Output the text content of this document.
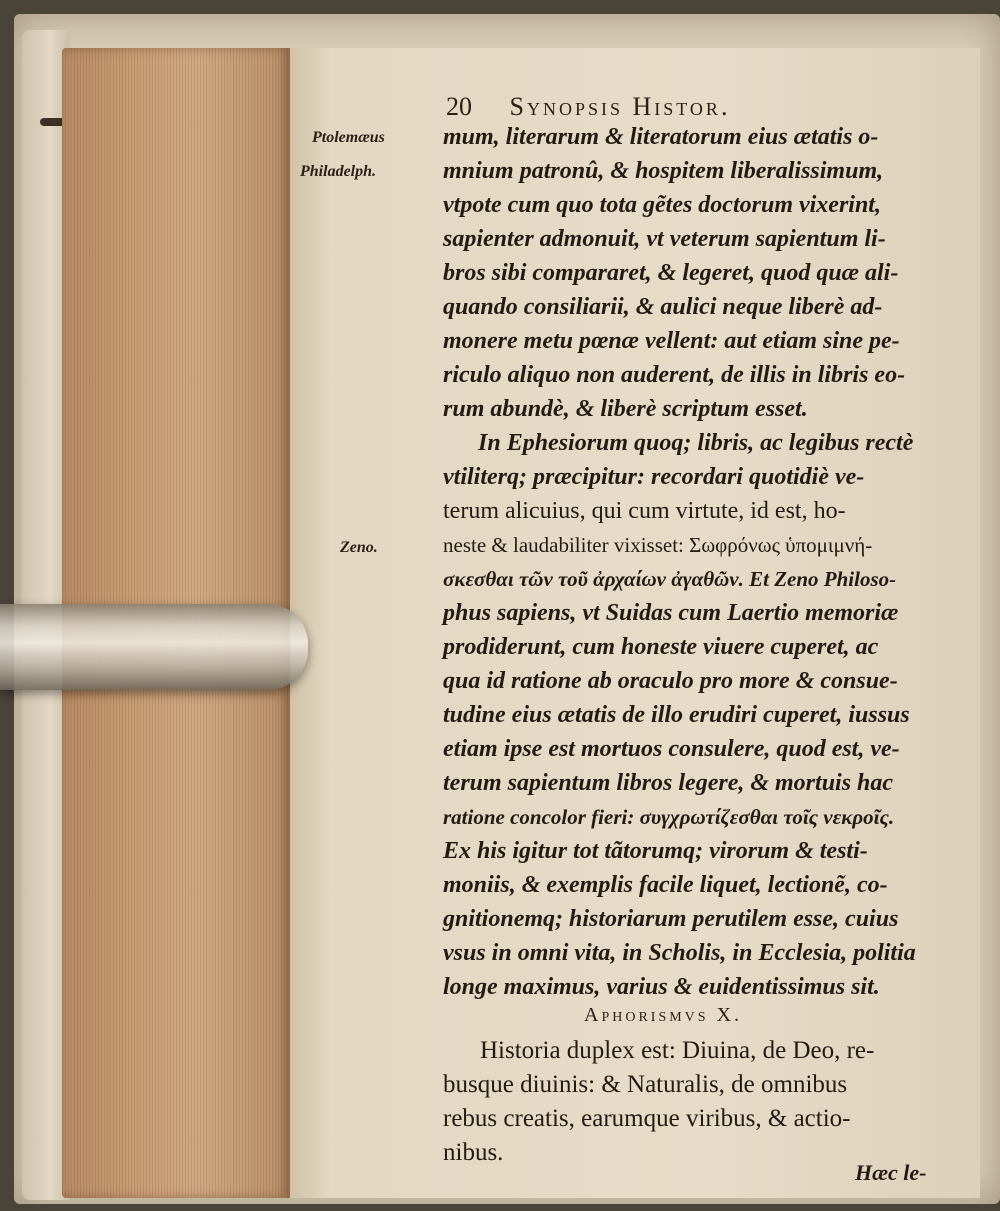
20 Synopsis Histor.
Ptolemæus
Philadelph.
Zeno.
mum, literarum & literatorum eius ætatis o-
mnium patronû, & hospitem liberalissimum,
vtpote cum quo tota gẽtes doctorum vixerint,
sapienter admonuit, vt veterum sapientum li-
bros sibi compararet, & legeret, quod quæ ali-
quando consiliarii, & aulici neque liberè ad-
monere metu pœnæ vellent: aut etiam sine pe-
riculo aliquo non auderent, de illis in libris eo-
rum abundè, & liberè scriptum esset.
In Ephesiorum quoq; libris, ac legibus rectè
vtiliterq; præcipitur: recordari quotidiè ve-
terum alicuius, qui cum virtute, id est, ho-
neste & laudabiliter vixisset: Σωφρόνως ὑπομιμνή-
σκεσθαι τῶν τοῦ ἀρχαίων ἀγαθῶν. Et Zeno Philoso-
phus sapiens, vt Suidas cum Laertio memoriæ
prodiderunt, cum honeste viuere cuperet, ac
qua id ratione ab oraculo pro more & consue-
tudine eius ætatis de illo erudiri cuperet, iussus
etiam ipse est mortuos consulere, quod est, ve-
terum sapientum libros legere, & mortuis hac
ratione concolor fieri: συγχρωτίζεσθαι τοῖς νεκροῖς.
Ex his igitur tot tãtorumq; virorum & testi-
moniis, & exemplis facile liquet, lectionẽ, co-
gnitionemq; historiarum perutilem esse, cuius
vsus in omni vita, in Scholis, in Ecclesia, politia
longe maximus, varius & euidentissimus sit.
Aphorismvs X.
Historia duplex est: Diuina, de Deo, re-
busque diuinis: & Naturalis, de omnibus
rebus creatis, earumque viribus, & actio-
nibus.
Hæc le-
